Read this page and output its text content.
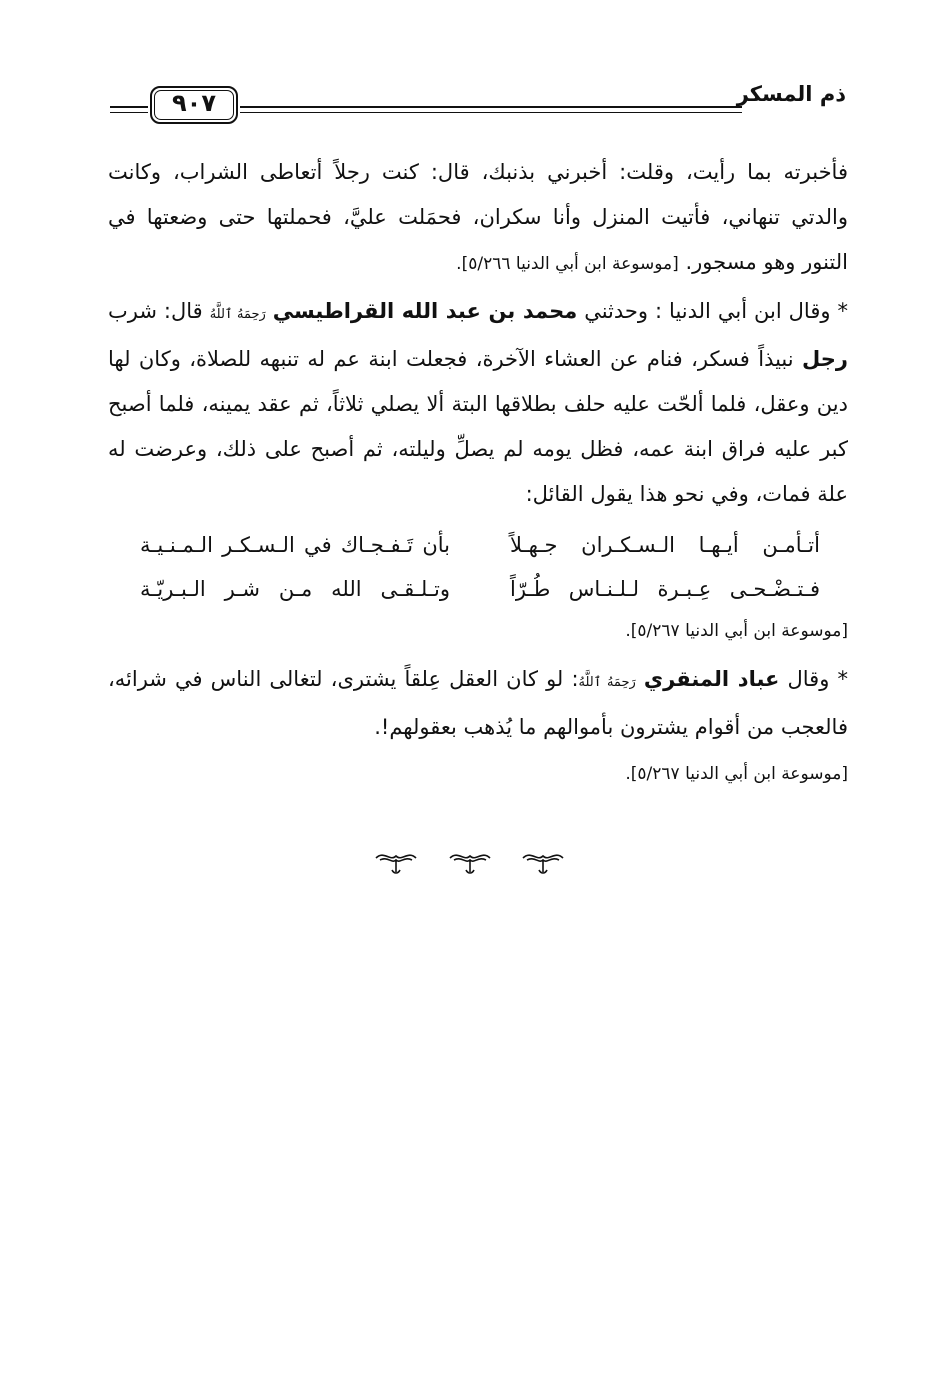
ذم المسكر
٩٠٧

فأخبرته بما رأيت، وقلت: أخبرني بذنبك، قال: كنت رجلاً أتعاطى الشراب، وكانت والدتي تنهاني، فأتيت المنزل وأنا سكران، فحمَلت عليَّ، فحملتها حتى وضعتها في التنور وهو مسجور. [موسوعة ابن أبي الدنيا ٥/٢٦٦].

* وقال ابن أبي الدنيا : وحدثني محمد بن عبد الله القراطيسي رَحِمَهُ ٱللَّهُ قال: شرب رجل نبيذاً فسكر، فنام عن العشاء الآخرة، فجعلت ابنة عم له تنبهه للصلاة، وكان لها دين وعقل، فلما ألحّت عليه حلف بطلاقها البتة ألا يصلي ثلاثاً، ثم عقد يمينه، فلما أصبح كبر عليه فراق ابنة عمه، فظل يومه لم يصلِّ وليلته، ثم أصبح على ذلك، وعرضت له علة فمات، وفي نحو هذا يقول القائل:

أتـأمـن أيـهـا الـسـكـران جـهـلاً
بأن تَـفـجـاك في الـسـكـر الـمـنـيـة
فـتـضْـحـى عِـبـرة لـلـنـاس طُـرّاً
وتـلـقـى الله مـن شـر الـبـريّـة
[موسوعة ابن أبي الدنيا ٥/٢٦٧].

* وقال عباد المنقري رَحِمَهُ ٱللَّهُ: لو كان العقل عِلقاً يشترى، لتغالى الناس في شرائه، فالعجب من أقوام يشترون بأموالهم ما يُذهب بعقولهم!.
[موسوعة ابن أبي الدنيا ٥/٢٦٧].
